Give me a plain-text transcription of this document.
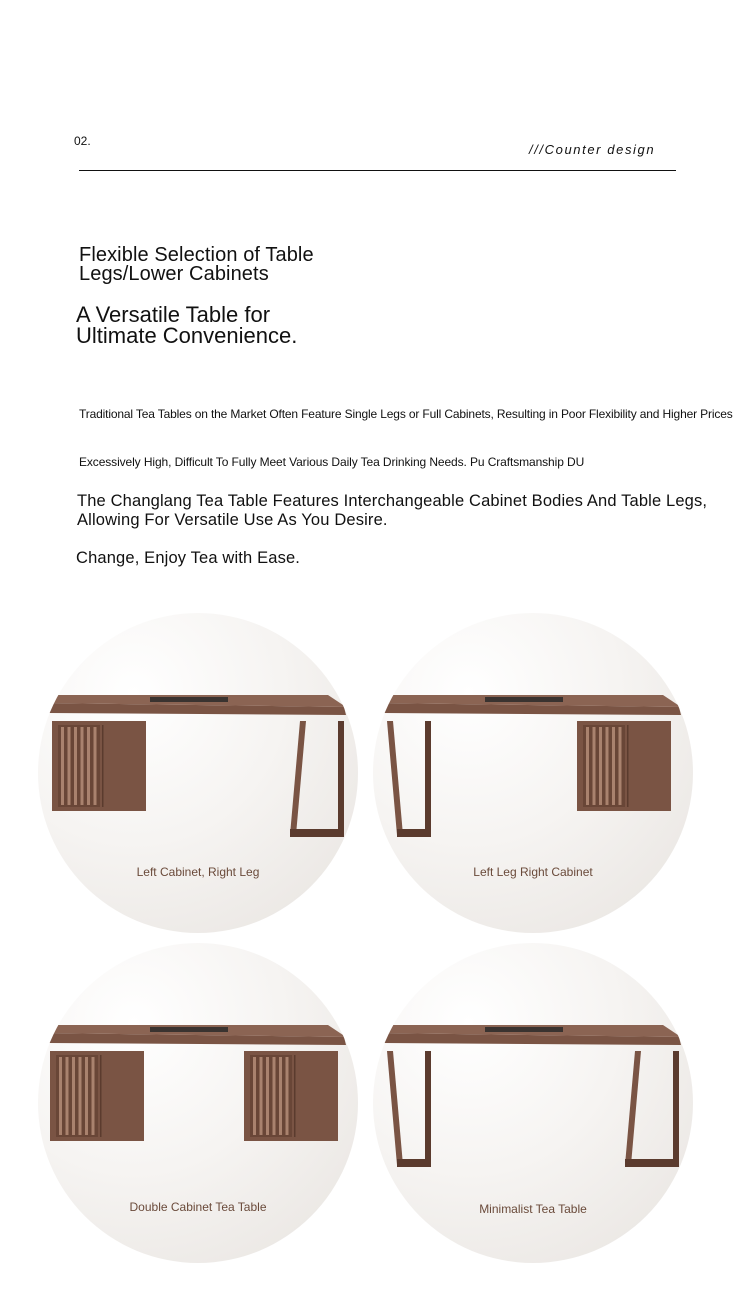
02.
///Counter design
Flexible Selection of Table
Legs/Lower Cabinets
A Versatile Table for
Ultimate Convenience.
Traditional Tea Tables on the Market Often Feature Single Legs or Full Cabinets, Resulting in Poor Flexibility and Higher Prices
Excessively High, Difficult To Fully Meet Various Daily Tea Drinking Needs. Pu Craftsmanship DU
The Changlang Tea Table Features Interchangeable Cabinet Bodies And Table Legs,
Allowing For Versatile Use As You Desire.
Change, Enjoy Tea with Ease.
Left Cabinet, Right Leg	Left Leg Right Cabinet
Double Cabinet Tea Table	Minimalist Tea Table
